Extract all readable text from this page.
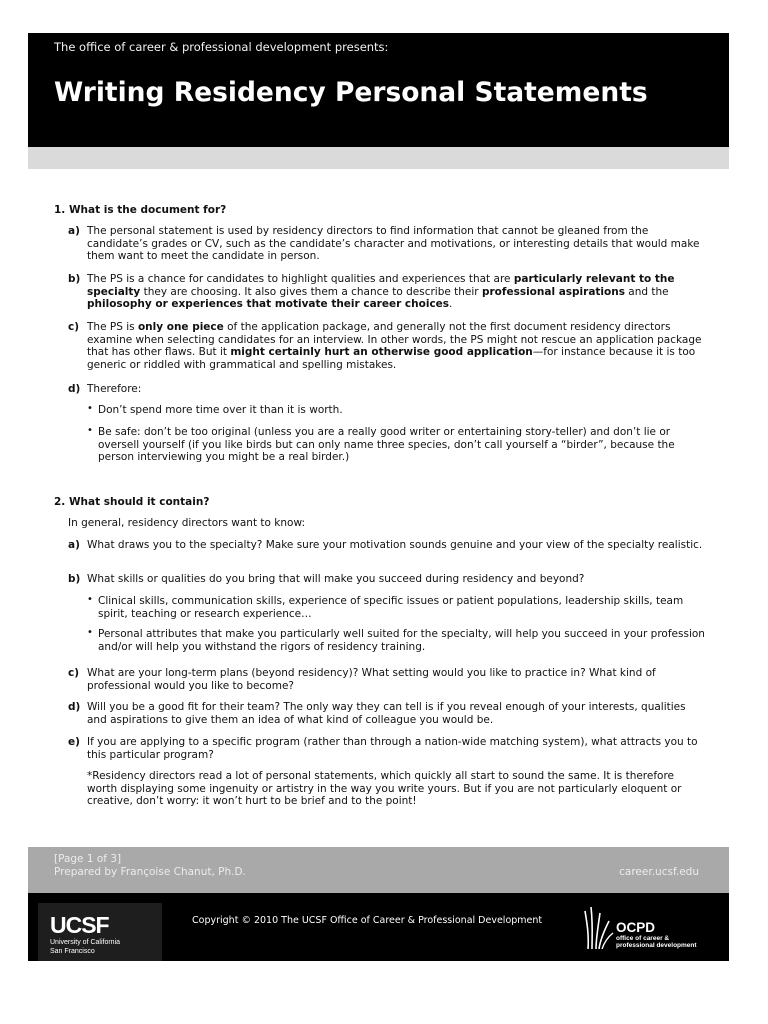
The office of career & professional development presents:
Writing Residency Personal Statements
1. What is the document for?
a) The personal statement is used by residency directors to find information that cannot be gleaned from the candidate’s grades or CV, such as the candidate’s character and motivations, or interesting details that would make them want to meet the candidate in person.
b) The PS is a chance for candidates to highlight qualities and experiences that are particularly relevant to the specialty they are choosing. It also gives them a chance to describe their professional aspirations and the philosophy or experiences that motivate their career choices.
c) The PS is only one piece of the application package, and generally not the first document residency directors examine when selecting candidates for an interview. In other words, the PS might not rescue an application package that has other flaws. But it might certainly hurt an otherwise good application—for instance because it is too generic or riddled with grammatical and spelling mistakes.
d) Therefore:
• Don’t spend more time over it than it is worth.
• Be safe: don’t be too original (unless you are a really good writer or entertaining story-teller) and don’t lie or oversell yourself (if you like birds but can only name three species, don’t call yourself a “birder”, because the person interviewing you might be a real birder.)
2. What should it contain?
In general, residency directors want to know:
a) What draws you to the specialty? Make sure your motivation sounds genuine and your view of the specialty realistic.
b) What skills or qualities do you bring that will make you succeed during residency and beyond?
• Clinical skills, communication skills, experience of specific issues or patient populations, leadership skills, team spirit, teaching or research experience…
• Personal attributes that make you particularly well suited for the specialty, will help you succeed in your profession and/or will help you withstand the rigors of residency training.
c) What are your long-term plans (beyond residency)? What setting would you like to practice in? What kind of professional would you like to become?
d) Will you be a good fit for their team? The only way they can tell is if you reveal enough of your interests, qualities and aspirations to give them an idea of what kind of colleague you would be.
e) If you are applying to a specific program (rather than through a nation-wide matching system), what attracts you to this particular program?
*Residency directors read a lot of personal statements, which quickly all start to sound the same. It is therefore worth displaying some ingenuity or artistry in the way you write yours. But if you are not particularly eloquent or creative, don’t worry: it won’t hurt to be brief and to the point!
[Page 1 of 3]
Prepared by Françoise Chanut, Ph.D.	career.ucsf.edu
UCSF
University of California
San Francisco
Copyright © 2010 The UCSF Office of Career & Professional Development	OCPD
office of career &
professional development
